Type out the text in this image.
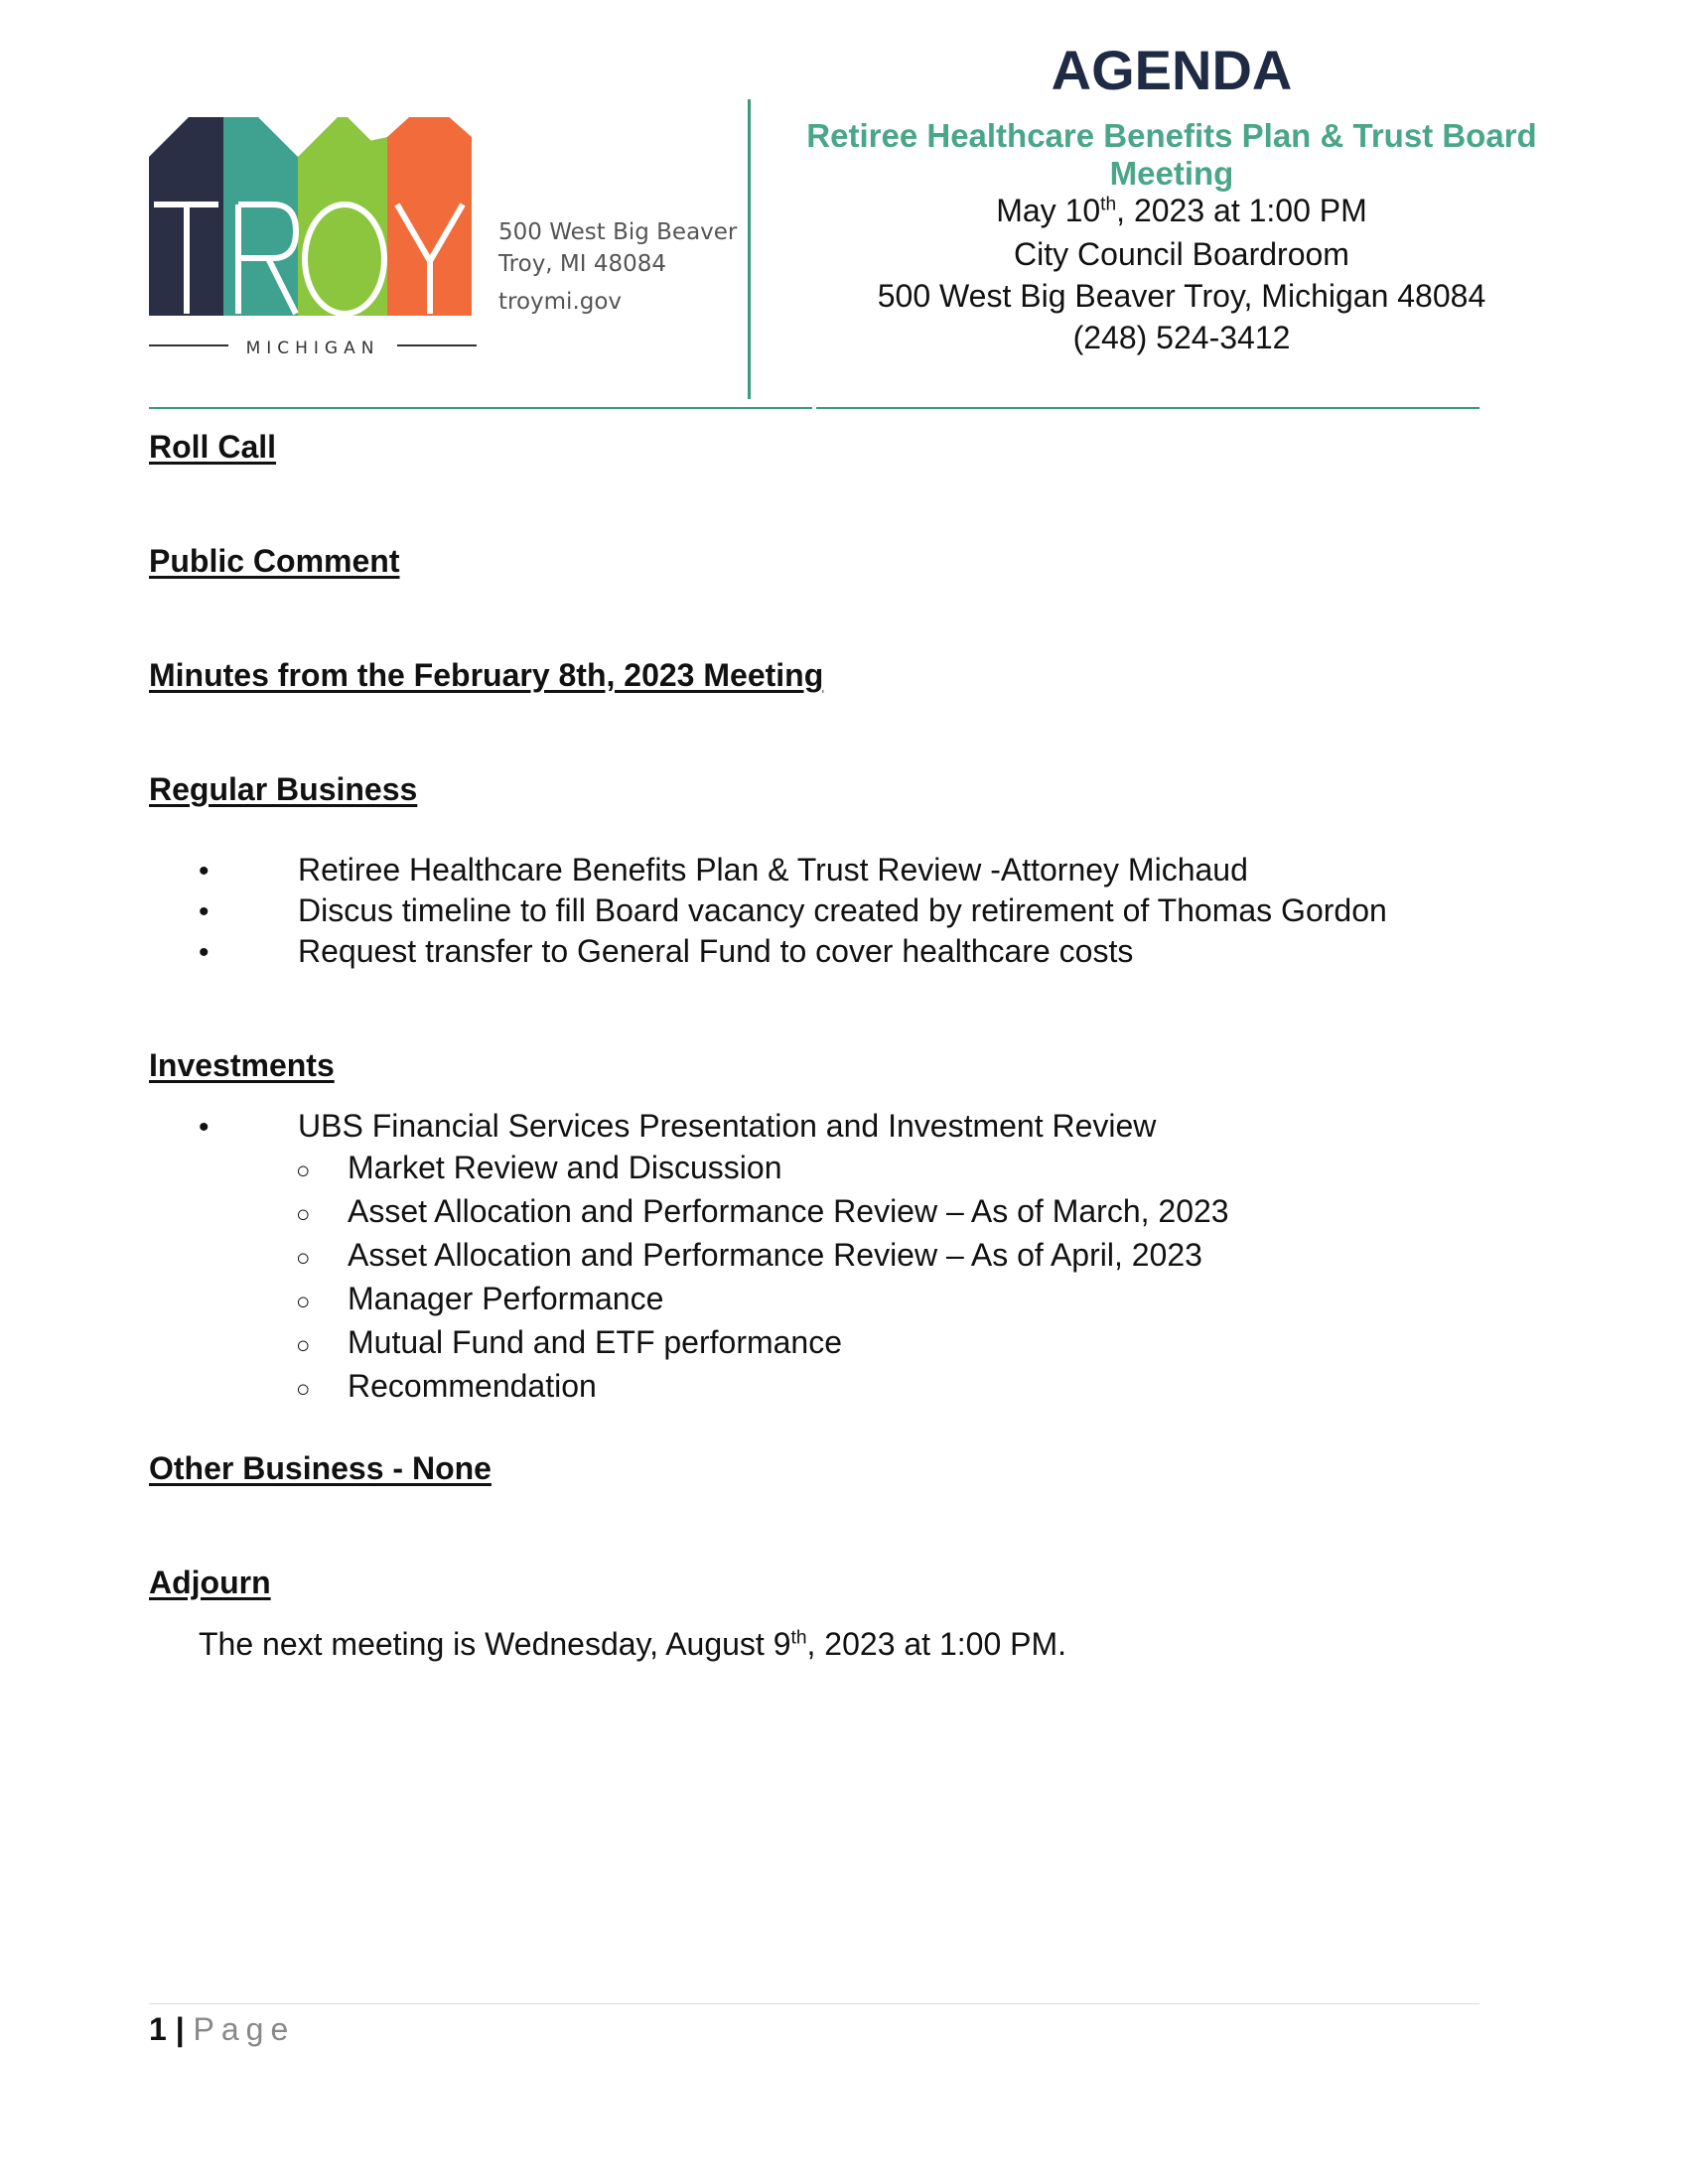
MICHIGAN
500 West Big Beaver
Troy, MI 48084
troymi.gov
AGENDA
Retiree Healthcare Benefits Plan & Trust Board
Meeting
May 10th, 2023 at 1:00 PM
City Council Boardroom
500 West Big Beaver Troy, Michigan 48084
(248) 524-3412
Roll Call
Public Comment
Minutes from the February 8th, 2023 Meeting
Regular Business
•	Retiree Healthcare Benefits Plan & Trust Review -Attorney Michaud
•	Discus timeline to fill Board vacancy created by retirement of Thomas Gordon
•	Request transfer to General Fund to cover healthcare costs
Investments
•	UBS Financial Services Presentation and Investment Review
○ Market Review and Discussion
○ Asset Allocation and Performance Review – As of March, 2023
○ Asset Allocation and Performance Review – As of April, 2023
○ Manager Performance
○ Mutual Fund and ETF performance
○ Recommendation
Other Business - None
Adjourn
The next meeting is Wednesday, August 9th, 2023 at 1:00 PM.
1 | Page
